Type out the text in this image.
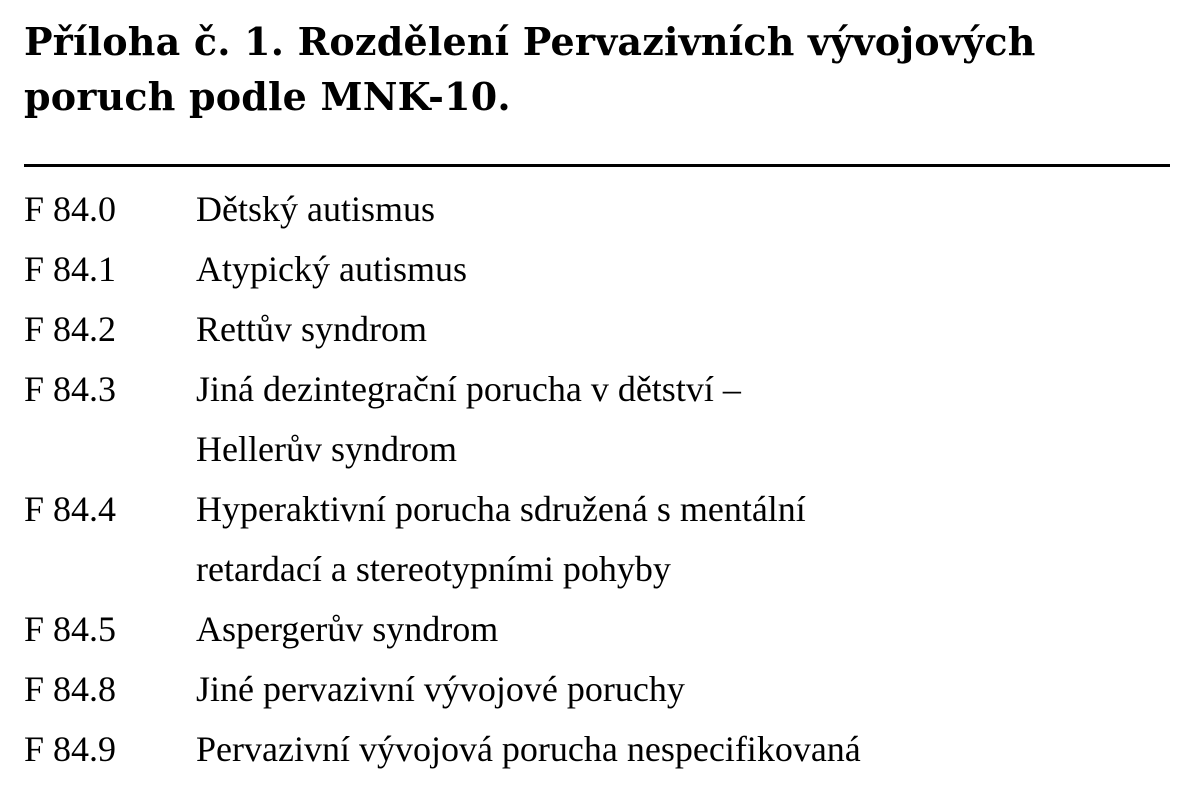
Příloha č. 1. Rozdělení Pervazivních vývojových poruch podle MNK-10.
F 84.0	Dětský autismus
F 84.1	Atypický autismus
F 84.2	Rettův syndrom
F 84.3	Jiná dezintegrační porucha v dětství –
Hellerův syndrom
F 84.4	Hyperaktivní porucha sdružená s mentální
retardací a stereotypními pohyby
F 84.5	Aspergerův syndrom
F 84.8	Jiné pervazivní vývojové poruchy
F 84.9	Pervazivní vývojová porucha nespecifikovaná
